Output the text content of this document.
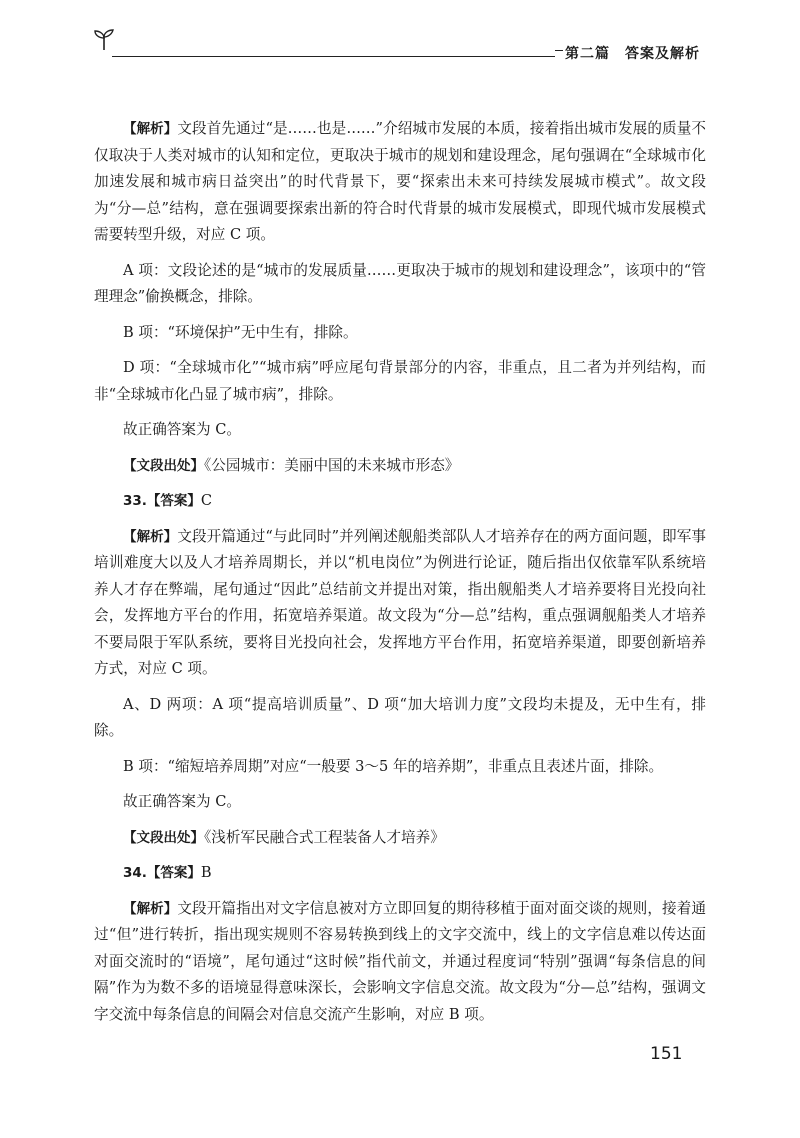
第二篇　答案及解析

【解析】文段首先通过“是……也是……”介绍城市发展的本质，接着指出城市发展的质量不仅取决于人类对城市的认知和定位，更取决于城市的规划和建设理念，尾句强调在“全球城市化加速发展和城市病日益突出”的时代背景下，要“探索出未来可持续发展城市模式”。故文段为“分—总”结构，意在强调要探索出新的符合时代背景的城市发展模式，即现代城市发展模式需要转型升级，对应 C 项。

A 项：文段论述的是“城市的发展质量……更取决于城市的规划和建设理念”，该项中的“管理理念”偷换概念，排除。

B 项：“环境保护”无中生有，排除。

D 项：“全球城市化”“城市病”呼应尾句背景部分的内容，非重点，且二者为并列结构，而非“全球城市化凸显了城市病”，排除。

故正确答案为 C。

【文段出处】《公园城市：美丽中国的未来城市形态》

33.【答案】C

【解析】文段开篇通过“与此同时”并列阐述舰船类部队人才培养存在的两方面问题，即军事培训难度大以及人才培养周期长，并以“机电岗位”为例进行论证，随后指出仅依靠军队系统培养人才存在弊端，尾句通过“因此”总结前文并提出对策，指出舰船类人才培养要将目光投向社会，发挥地方平台的作用，拓宽培养渠道。故文段为“分—总”结构，重点强调舰船类人才培养不要局限于军队系统，要将目光投向社会，发挥地方平台作用，拓宽培养渠道，即要创新培养方式，对应 C 项。

A、D 两项：A 项“提高培训质量”、D 项“加大培训力度”文段均未提及，无中生有，排除。

B 项：“缩短培养周期”对应“一般要 3～5 年的培养期”，非重点且表述片面，排除。

故正确答案为 C。

【文段出处】《浅析军民融合式工程装备人才培养》

34.【答案】B

【解析】文段开篇指出对文字信息被对方立即回复的期待移植于面对面交谈的规则，接着通过“但”进行转折，指出现实规则不容易转换到线上的文字交流中，线上的文字信息难以传达面对面交流时的“语境”，尾句通过“这时候”指代前文，并通过程度词“特别”强调“每条信息的间隔”作为为数不多的语境显得意味深长，会影响文字信息交流。故文段为“分—总”结构，强调文字交流中每条信息的间隔会对信息交流产生影响，对应 B 项。

151
